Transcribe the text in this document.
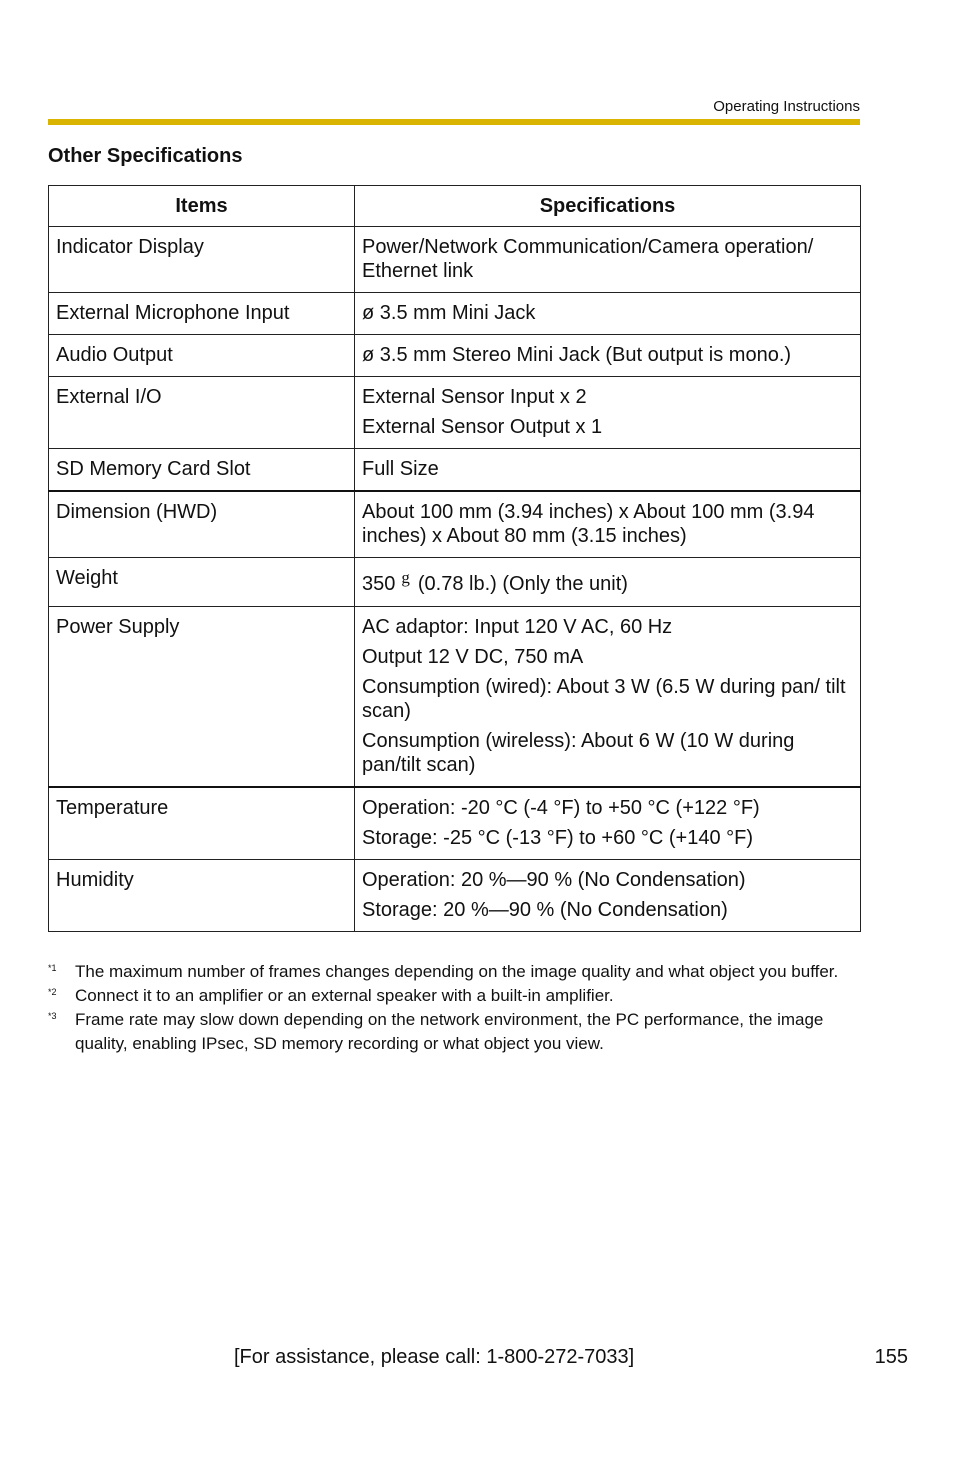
Operating Instructions
Other Specifications
Items	Specifications
Indicator Display	Power/Network Communication/Camera operation/ Ethernet link

External Microphone Input	ø 3.5 mm Mini Jack

Audio Output	ø 3.5 mm Stereo Mini Jack (But output is mono.)

External I/O	External Sensor Input x 2
External Sensor Output x 1

SD Memory Card Slot	Full Size

Dimension (HWD)	About 100 mm (3.94 inches) x About 100 mm (3.94 inches) x About 80 mm (3.15 inches)

Weight	350 $^g$ (0.78 lb.) (Only the unit)

Power Supply	AC adaptor: Input 120 V AC, 60 Hz
Output 12 V DC, 750 mA
Consumption (wired): About 3 W (6.5 W during pan/ tilt scan)
Consumption (wireless): About 6 W (10 W during pan/tilt scan)

Temperature	Operation: -20 °C (-4 °F) to +50 °C (+122 °F)
Storage: -25 °C (-13 °F) to +60 °C (+140 °F)

Humidity	Operation: 20 %—90 % (No Condensation)
Storage: 20 %—90 % (No Condensation)
*1 The maximum number of frames changes depending on the image quality and what object you buffer.
*2 Connect it to an amplifier or an external speaker with a built-in amplifier.
*3 Frame rate may slow down depending on the network environment, the PC performance, the image quality, enabling IPsec, SD memory recording or what object you view.
[For assistance, please call: 1-800-272-7033]	155
